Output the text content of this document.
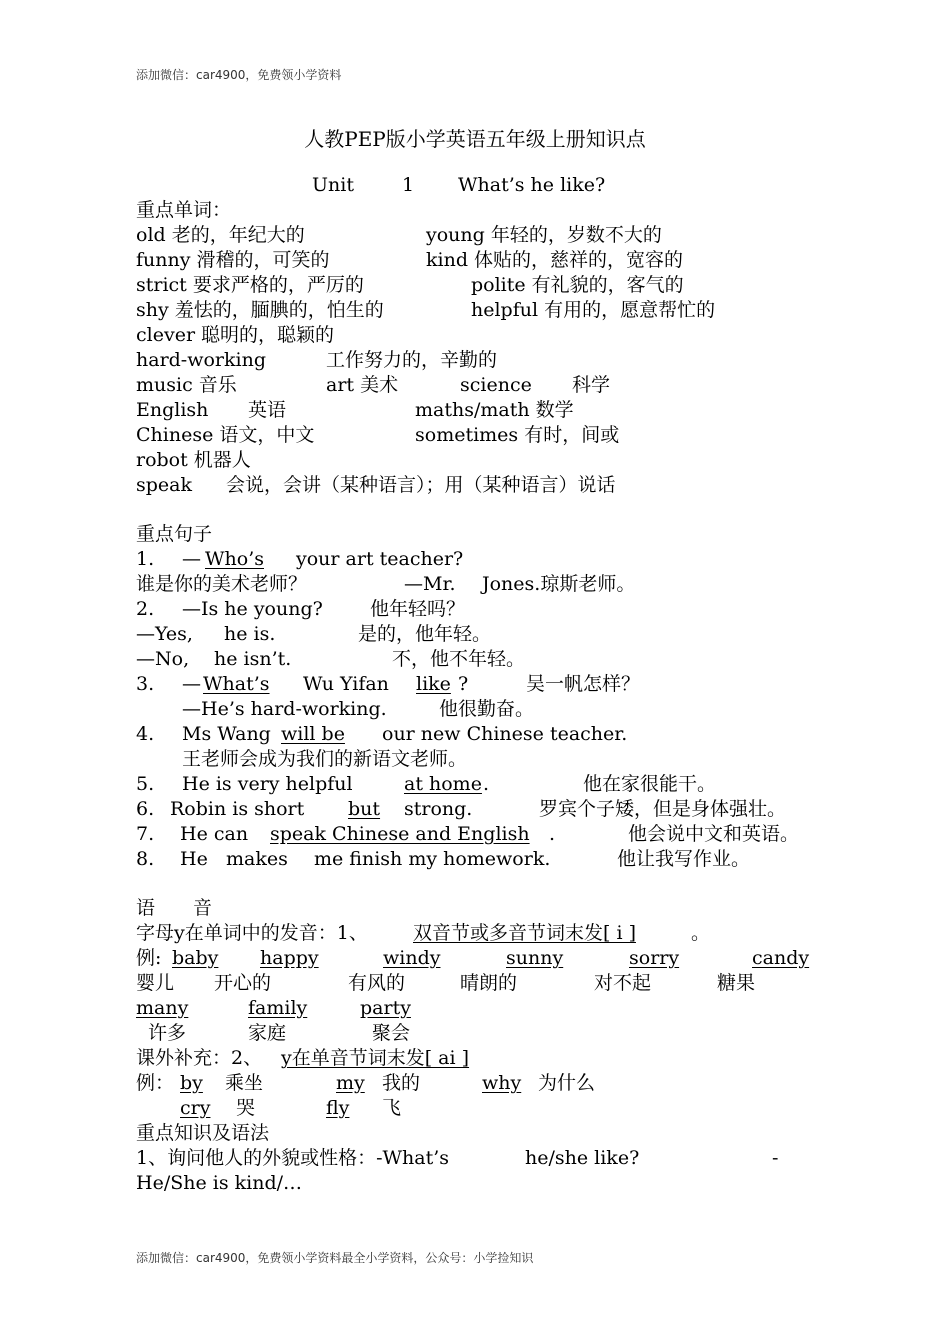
添加微信：car4900，免费领小学资料
人教PEP版小学英语五年级上册知识点
Unit	1 What’s he like?
重点单词：
old 老的，年纪大的	young 年轻的，岁数不大的
funny 滑稽的，可笑的	kind 体贴的，慈祥的，宽容的
strict 要求严格的，严厉的	polite 有礼貌的，客气的
shy 羞怯的，腼腆的，怕生的	helpful 有用的，愿意帮忙的
clever 聪明的，聪颖的
hard-working	工作努力的，辛勤的
music 音乐	art 美术	science 科学
English 英语	maths/math 数学
Chinese 语文，中文	sometimes 有时，间或
robot 机器人
speak 会说，会讲（某种语言）；用（某种语言）说话
重点句子
1. — Who’s your art teacher?
谁是你的美术老师？	—Mr. Jones.琼斯老师。
2. —Is he young? 他年轻吗？
—Yes, he is.	是的，他年轻。
—No, he isn’t.	不，他不年轻。
3. — What’s Wu Yifan	like ?	吴一帆怎样？
—He’s hard-working.	他很勤奋。
4. Ms Wang will be our new Chinese teacher.
王老师会成为我们的新语文老师。
5. He is very helpful	at home .	他在家很能干。
6. Robin is short but strong.	罗宾个子矮，但是身体强壮。
7. He can speak Chinese and English .	他会说中文和英语。
8. He makes me finish my homework.	他让我写作业。
语 音
字母y在单词中的发音：1、 双音节或多音节词末发[ i ]	。
例: baby happy	windy	sunny	sorry	candy
婴儿 开心的	有风的	晴朗的	对不起	糖果
many	family	party
许多	家庭	聚会
课外补充：2、 y在单音节词末发[ ai ]
例： by 乘坐	my 我的	why 为什么
cry 哭	fly 飞
重点知识及语法
1、询问他人的外貌或性格：-What’s	he/she like?	-
He/She is kind/…
添加微信：car4900，免费领小学资料最全小学资料，公众号：小学捡知识
